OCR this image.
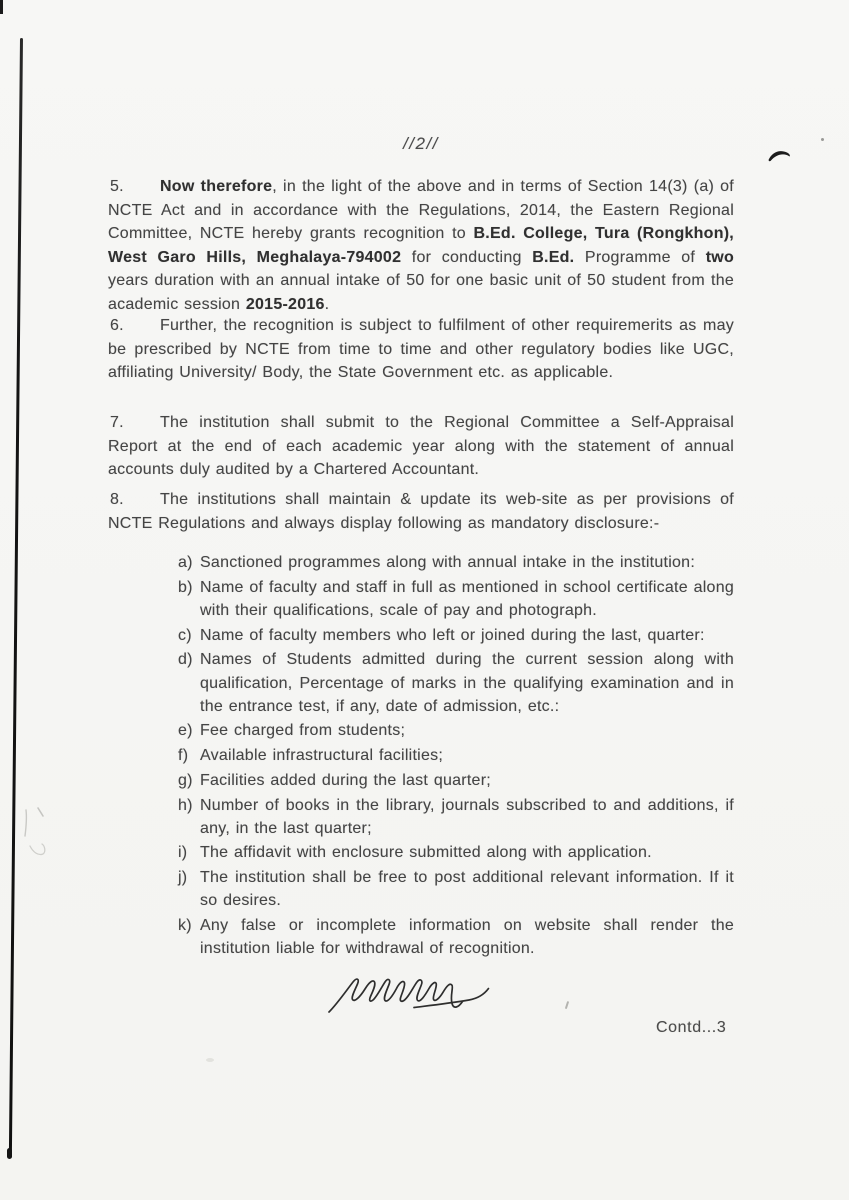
//2//
5.	Now therefore, in the light of the above and in terms of Section 14(3) (a) of NCTE Act and in accordance with the Regulations, 2014, the Eastern Regional Committee, NCTE hereby grants recognition to B.Ed. College, Tura (Rongkhon), West Garo Hills, Meghalaya-794002 for conducting B.Ed. Programme of two years duration with an annual intake of 50 for one basic unit of 50 student from the academic session 2015-2016.
6.	Further, the recognition is subject to fulfilment of other requiremerits as may be prescribed by NCTE from time to time and other regulatory bodies like UGC, affiliating University/ Body, the State Government etc. as applicable.
7.	The institution shall submit to the Regional Committee a Self-Appraisal Report at the end of each academic year along with the statement of annual accounts duly audited by a Chartered Accountant.
8.	The institutions shall maintain & update its web-site as per provisions of NCTE Regulations and always display following as mandatory disclosure:-
a) Sanctioned programmes along with annual intake in the institution:
b) Name of faculty and staff in full as mentioned in school certificate along with their qualifications, scale of pay and photograph.
c) Name of faculty members who left or joined during the last, quarter:
d) Names of Students admitted during the current session along with qualification, Percentage of marks in the qualifying examination and in the entrance test, if any, date of admission, etc.:
e) Fee charged from students;
f) Available infrastructural facilities;
g) Facilities added during the last quarter;
h) Number of books in the library, journals subscribed to and additions, if any, in the last quarter;
i) The affidavit with enclosure submitted along with application.
j) The institution shall be free to post additional relevant information. If it so desires.
k) Any false or incomplete information on website shall render the institution liable for withdrawal of recognition.
Contd...3
